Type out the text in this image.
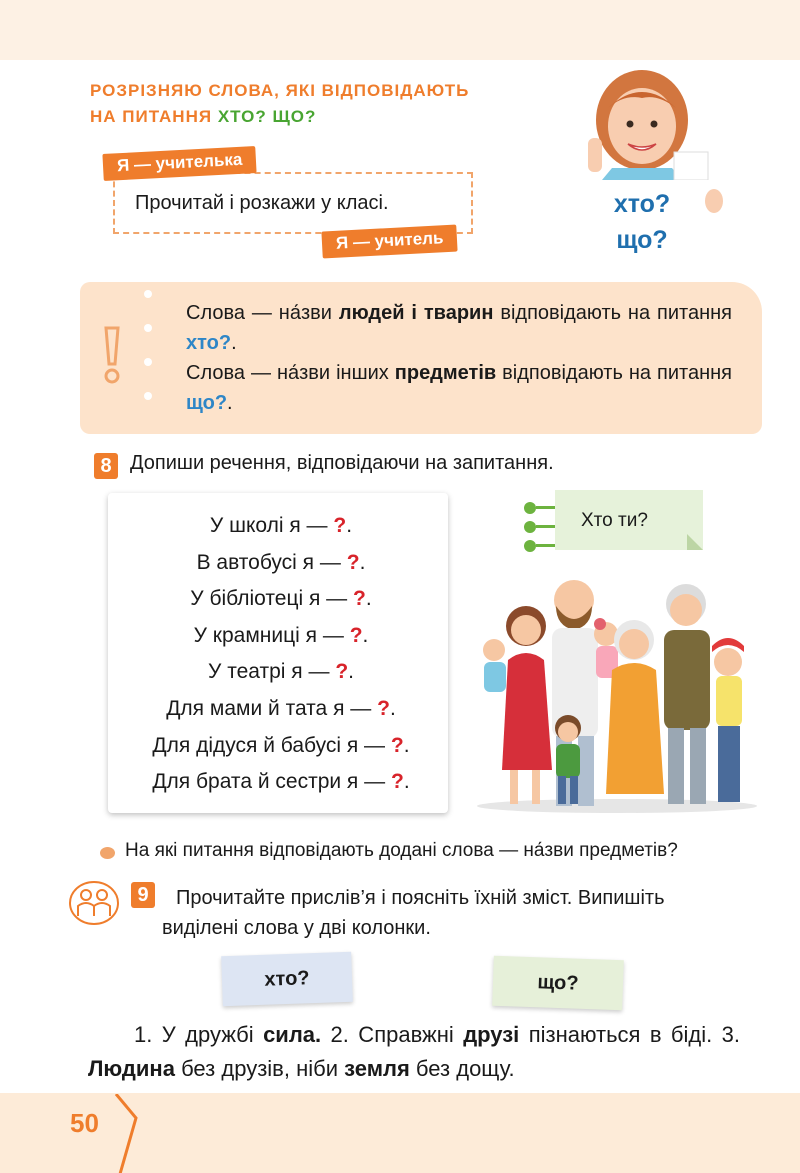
РОЗРІЗНЯЮ СЛОВА, ЯКІ ВІДПОВІДАЮТЬ
НА ПИТАННЯ ХТО? ЩО?
Прочитай і розкажи у класі.
Я — учителька
Я — учитель
хто?
що?
Слова — на́зви людей і тварин відповідають на питання хто?.
Слова — на́зви інших предметів відповідають на питання що?.
8 Допиши речення, відповідаючи на запитання.
У школі я — ?.
В автобусі я — ?.
У бібліотеці я — ?.
У крамниці я — ?.
У театрі я — ?.
Для мами й тата я — ?.
Для дідуся й бабусі я — ?.
Для брата й сестри я — ?.
Хто ти?
На які питання відповідають додані слова — на́зви предметів?
9	Прочитайте прислів’я і поясніть їхній зміст. Випишіть
виділені слова у дві колонки.
хто?	що?
1. У дружбі сила. 2. Справжні друзі пізнаються в біді. 3. Людина без друзів, ніби земля без дощу.
50
